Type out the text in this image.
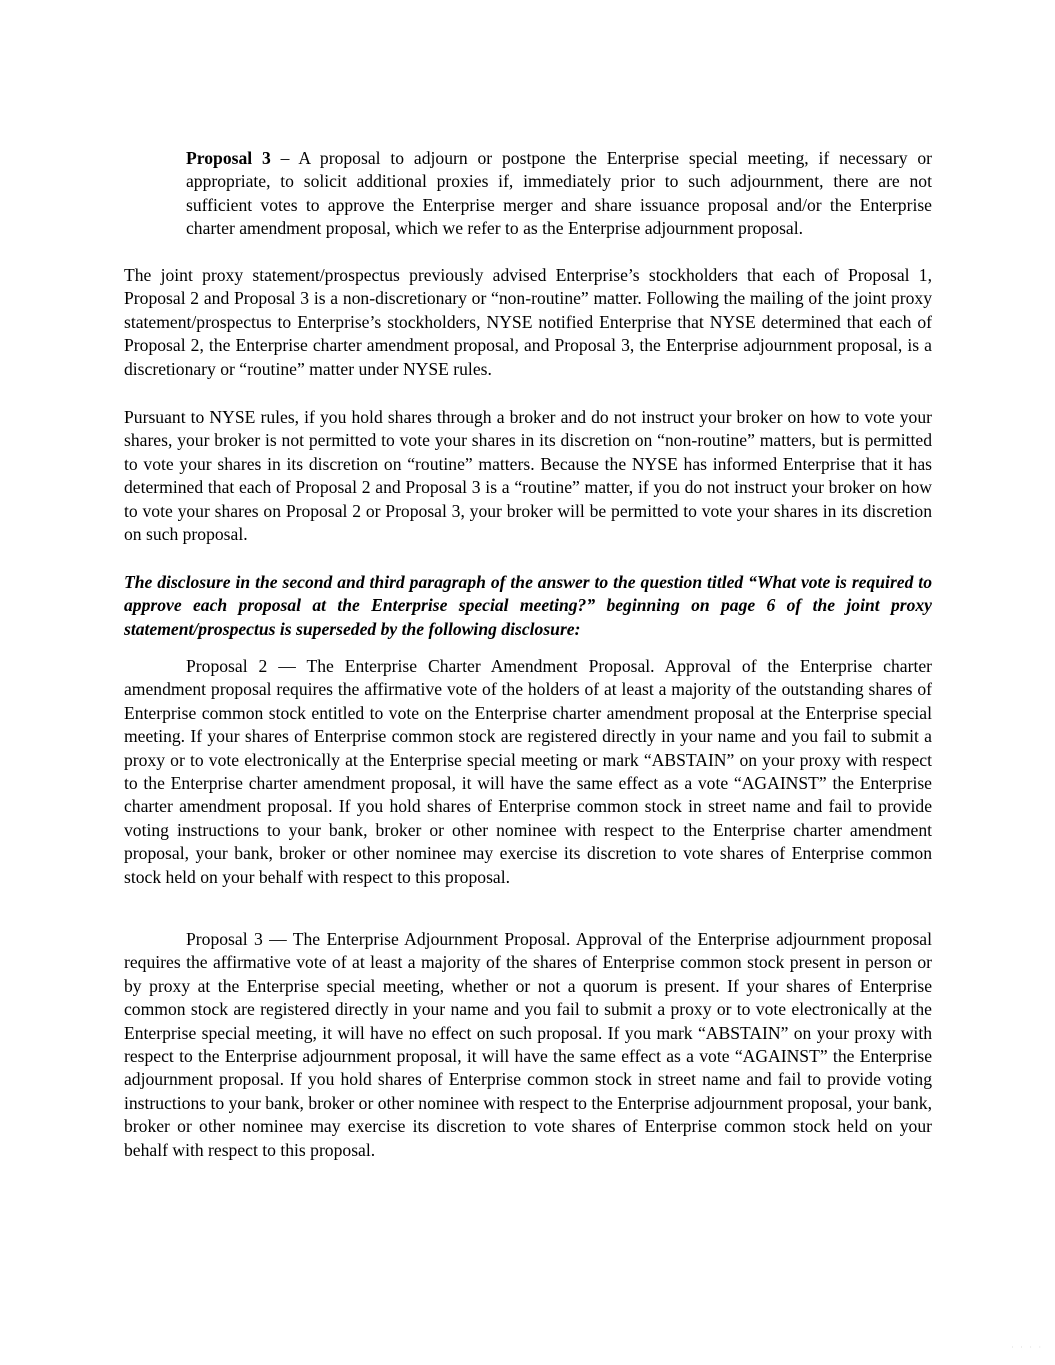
Proposal 3 – A proposal to adjourn or postpone the Enterprise special meeting, if necessary or appropriate, to solicit additional proxies if, immediately prior to such adjournment, there are not sufficient votes to approve the Enterprise merger and share issuance proposal and/or the Enterprise charter amendment proposal, which we refer to as the Enterprise adjournment proposal.

The joint proxy statement/prospectus previously advised Enterprise’s stockholders that each of Proposal 1, Proposal 2 and Proposal 3 is a non-discretionary or “non-routine” matter. Following the mailing of the joint proxy statement/prospectus to Enterprise’s stockholders, NYSE notified Enterprise that NYSE determined that each of Proposal 2, the Enterprise charter amendment proposal, and Proposal 3, the Enterprise adjournment proposal, is a discretionary or “routine” matter under NYSE rules.

Pursuant to NYSE rules, if you hold shares through a broker and do not instruct your broker on how to vote your shares, your broker is not permitted to vote your shares in its discretion on “non-routine” matters, but is permitted to vote your shares in its discretion on “routine” matters. Because the NYSE has informed Enterprise that it has determined that each of Proposal 2 and Proposal 3 is a “routine” matter, if you do not instruct your broker on how to vote your shares on Proposal 2 or Proposal 3, your broker will be permitted to vote your shares in its discretion on such proposal.

The disclosure in the second and third paragraph of the answer to the question titled “What vote is required to approve each proposal at the Enterprise special meeting?” beginning on page 6 of the joint proxy statement/prospectus is superseded by the following disclosure:

Proposal 2 — The Enterprise Charter Amendment Proposal. Approval of the Enterprise charter amendment proposal requires the affirmative vote of the holders of at least a majority of the outstanding shares of Enterprise common stock entitled to vote on the Enterprise charter amendment proposal at the Enterprise special meeting. If your shares of Enterprise common stock are registered directly in your name and you fail to submit a proxy or to vote electronically at the Enterprise special meeting or mark “ABSTAIN” on your proxy with respect to the Enterprise charter amendment proposal, it will have the same effect as a vote “AGAINST” the Enterprise charter amendment proposal. If you hold shares of Enterprise common stock in street name and fail to provide voting instructions to your bank, broker or other nominee with respect to the Enterprise charter amendment proposal, your bank, broker or other nominee may exercise its discretion to vote shares of Enterprise common stock held on your behalf with respect to this proposal.

Proposal 3 — The Enterprise Adjournment Proposal. Approval of the Enterprise adjournment proposal requires the affirmative vote of at least a majority of the shares of Enterprise common stock present in person or by proxy at the Enterprise special meeting, whether or not a quorum is present. If your shares of Enterprise common stock are registered directly in your name and you fail to submit a proxy or to vote electronically at the Enterprise special meeting, it will have no effect on such proposal. If you mark “ABSTAIN” on your proxy with respect to the Enterprise adjournment proposal, it will have the same effect as a vote “AGAINST” the Enterprise adjournment proposal. If you hold shares of Enterprise common stock in street name and fail to provide voting instructions to your bank, broker or other nominee with respect to the Enterprise adjournment proposal, your bank, broker or other nominee may exercise its discretion to vote shares of Enterprise common stock held on your behalf with respect to this proposal.

· · · ·
